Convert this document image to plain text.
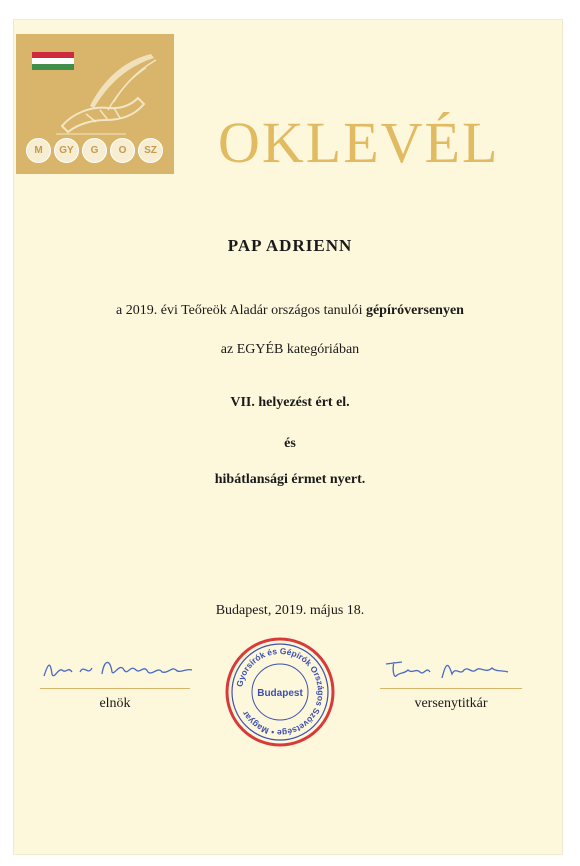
M	GY	G	O	SZ OKLEVÉL
PAP ADRIENN
a 2019. évi Teőreök Aladár országos tanulói gépíróversenyen
az EGYÉB kategóriában
VII. helyezést ért el.
és
hibátlansági érmet nyert.
Budapest, 2019. május 18.
elnök	versenytitkár
Gyorsírók és Gépírók Országos Szövetsége • Magyar
Budapest
